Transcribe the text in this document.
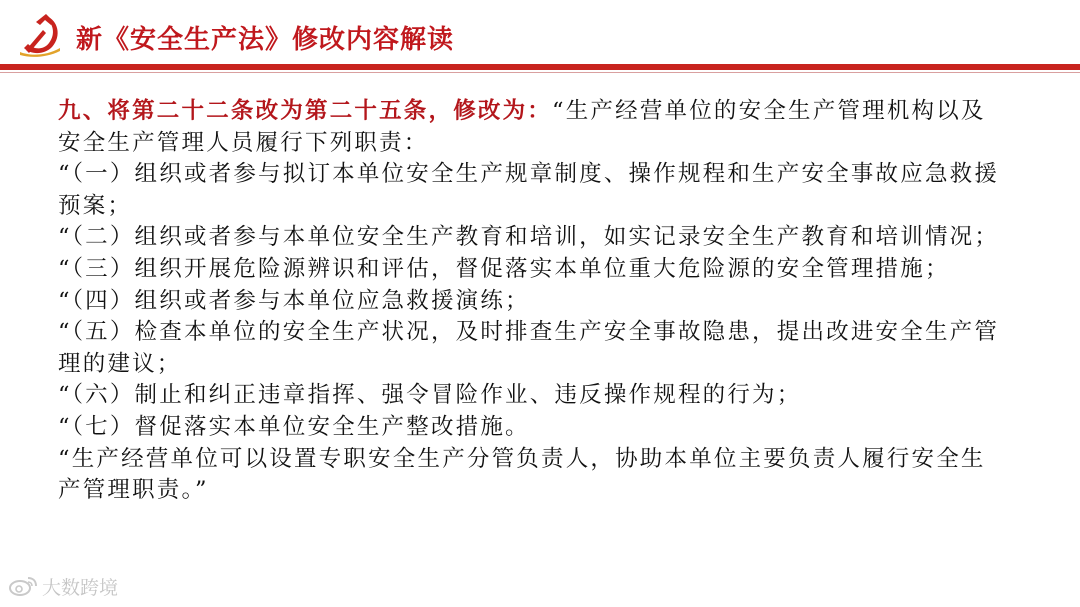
新《安全生产法》修改内容解读

九、将第二十二条改为第二十五条，修改为：“生产经营单位的安全生产管理机构以及安全生产管理人员履行下列职责：

“（一）组织或者参与拟订本单位安全生产规章制度、操作规程和生产安全事故应急救援预案；

“（二）组织或者参与本单位安全生产教育和培训，如实记录安全生产教育和培训情况；

“（三）组织开展危险源辨识和评估，督促落实本单位重大危险源的安全管理措施；

“（四）组织或者参与本单位应急救援演练；

“（五）检查本单位的安全生产状况，及时排查生产安全事故隐患，提出改进安全生产管理的建议；

“（六）制止和纠正违章指挥、强令冒险作业、违反操作规程的行为；

“（七）督促落实本单位安全生产整改措施。

“生产经营单位可以设置专职安全生产分管负责人，协助本单位主要负责人履行安全生产管理职责。”

大数跨境
